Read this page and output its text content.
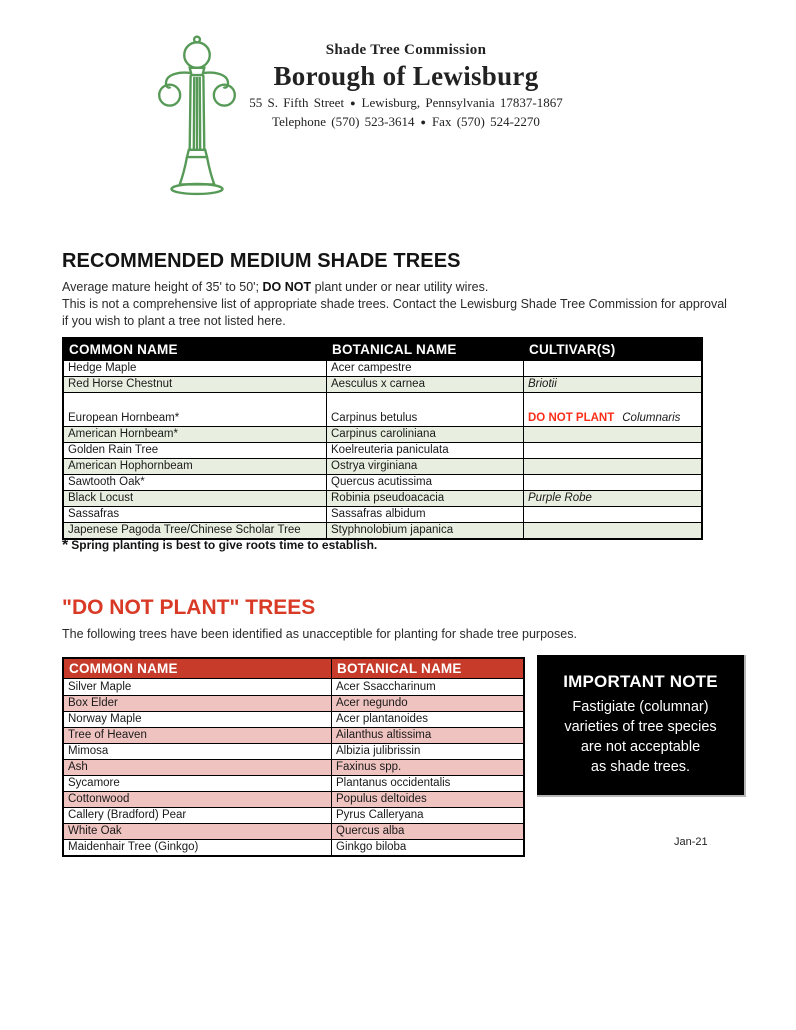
Shade Tree Commission
Borough of Lewisburg
55 S. Fifth Street ● Lewisburg, Pennsylvania 17837-1867
Telephone (570) 523-3614 ● Fax (570) 524-2270
RECOMMENDED MEDIUM SHADE TREES
Average mature height of 35' to 50'; DO NOT plant under or near utility wires.
This is not a comprehensive list of appropriate shade trees. Contact the Lewisburg Shade Tree Commission for approval if you wish to plant a tree not listed here.
COMMON NAME	BOTANICAL NAME	CULTIVAR(S)
Hedge Maple	Acer campestre
Red Horse Chestnut	Aesculus x carnea	Briotii
European Hornbeam*	Carpinus betulus	DO NOT PLANT Columnaris
American Hornbeam*	Carpinus caroliniana
Golden Rain Tree	Koelreuteria paniculata
American Hophornbeam	Ostrya virginiana
Sawtooth Oak*	Quercus acutissima
Black Locust	Robinia pseudoacacia	Purple Robe
Sassafras	Sassafras albidum
Japenese Pagoda Tree/Chinese Scholar Tree	Styphnolobium japanica
* Spring planting is best to give roots time to establish.
"DO NOT PLANT" TREES
The following trees have been identified as unacceptible for planting for shade tree purposes.
COMMON NAME	BOTANICAL NAME
Silver Maple	Acer Ssaccharinum
Box Elder	Acer negundo
Norway Maple	Acer plantanoides
Tree of Heaven	Ailanthus altissima
Mimosa	Albizia julibrissin
Ash	Faxinus spp.
Sycamore	Plantanus occidentalis
Cottonwood	Populus deltoides
Callery (Bradford) Pear	Pyrus Calleryana
White Oak	Quercus alba
Maidenhair Tree (Ginkgo)	Ginkgo biloba
IMPORTANT NOTE
Fastigiate (columnar)
varieties of tree species
are not acceptable
as shade trees.
Jan-21
